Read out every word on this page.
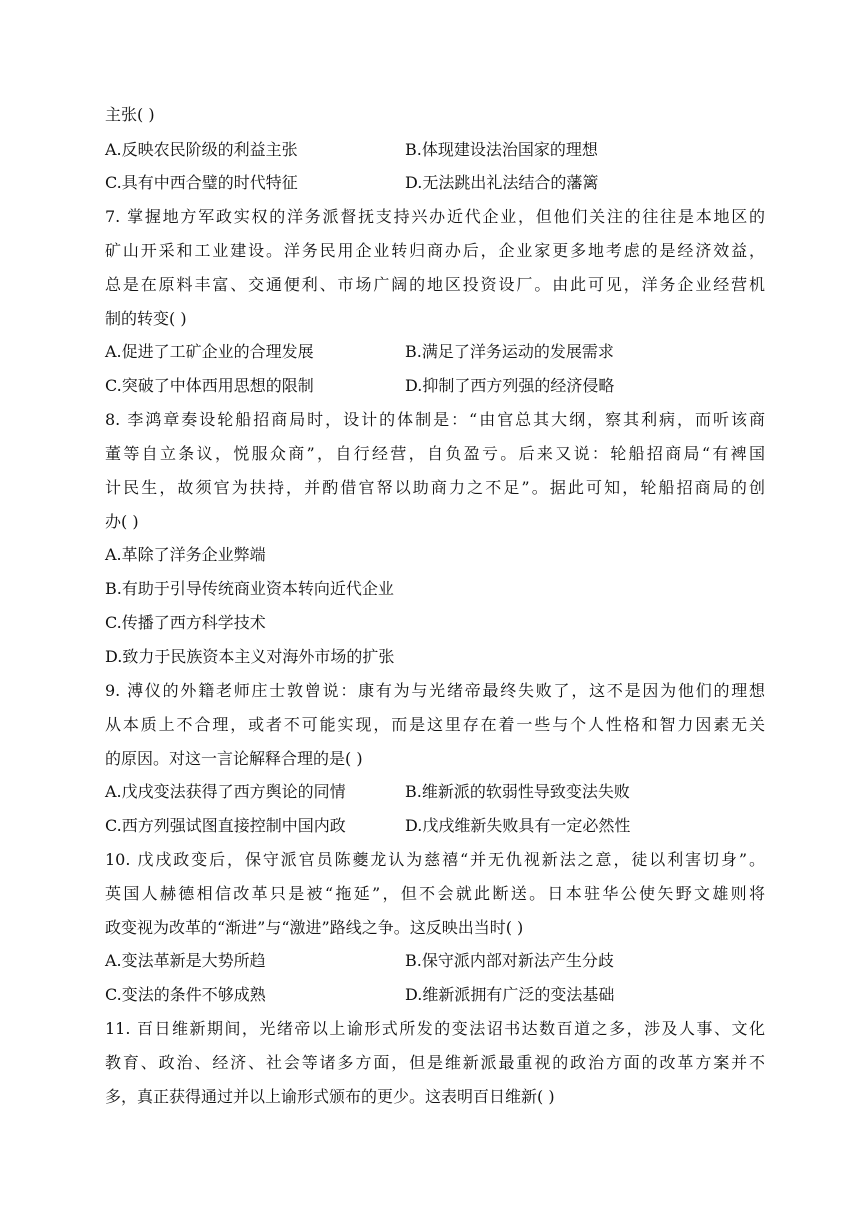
主张( )
A.反映农民阶级的利益主张	B.体现建设法治国家的理想
C.具有中西合璧的时代特征	D.无法跳出礼法结合的藩篱
7. 掌握地方军政实权的洋务派督抚支持兴办近代企业，但他们关注的往往是本地区的
矿山开采和工业建设。洋务民用企业转归商办后，企业家更多地考虑的是经济效益，
总是在原料丰富、交通便利、市场广阔的地区投资设厂。由此可见，洋务企业经营机
制的转变( )
A.促进了工矿企业的合理发展	B.满足了洋务运动的发展需求
C.突破了中体西用思想的限制	D.抑制了西方列强的经济侵略
8. 李鸿章奏设轮船招商局时，设计的体制是：“由官总其大纲，察其利病，而听该商
董等自立条议，悦服众商”，自行经营，自负盈亏。后来又说：轮船招商局“有裨国
计民生，故须官为扶持，并酌借官帑以助商力之不足”。据此可知，轮船招商局的创
办( )
A.革除了洋务企业弊端
B.有助于引导传统商业资本转向近代企业
C.传播了西方科学技术
D.致力于民族资本主义对海外市场的扩张
9. 溥仪的外籍老师庄士敦曾说：康有为与光绪帝最终失败了，这不是因为他们的理想
从本质上不合理，或者不可能实现，而是这里存在着一些与个人性格和智力因素无关
的原因。对这一言论解释合理的是( )
A.戊戌变法获得了西方舆论的同情	B.维新派的软弱性导致变法失败
C.西方列强试图直接控制中国内政	D.戊戌维新失败具有一定必然性
10. 戊戌政变后，保守派官员陈夔龙认为慈禧“并无仇视新法之意，徒以利害切身”。
英国人赫德相信改革只是被“拖延”，但不会就此断送。日本驻华公使矢野文雄则将
政变视为改革的“渐进”与“激进”路线之争。这反映出当时( )
A.变法革新是大势所趋	B.保守派内部对新法产生分歧
C.变法的条件不够成熟	D.维新派拥有广泛的变法基础
11. 百日维新期间，光绪帝以上谕形式所发的变法诏书达数百道之多，涉及人事、文化
教育、政治、经济、社会等诸多方面，但是维新派最重视的政治方面的改革方案并不
多，真正获得通过并以上谕形式颁布的更少。这表明百日维新( )
